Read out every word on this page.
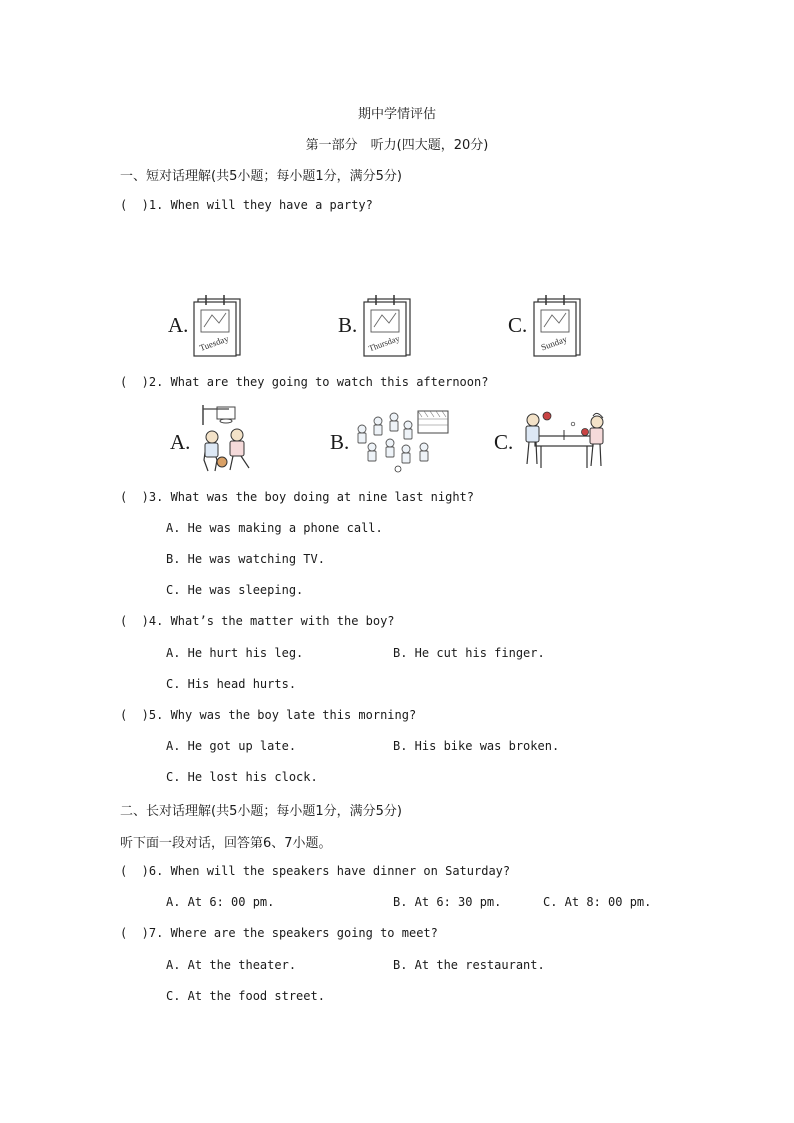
期中学情评估
第一部分　听力(四大题，20分)
一、短对话理解(共5小题；每小题1分，满分5分)
(  )1. When will they have a party?
A.
Tuesday
B.
Thursday
C.
Sunday
(  )2. What are they going to watch this afternoon?
A.	B.	C.
(  )3. What was the boy doing at nine last night?
A. He was making a phone call.
B. He was watching TV.
C. He was sleeping.
(  )4. What’s the matter with the boy?
A. He hurt his leg.	B. He cut his finger.
C. His head hurts.
(  )5. Why was the boy late this morning?
A. He got up late.	B. His bike was broken.
C. He lost his clock.
二、长对话理解(共5小题；每小题1分，满分5分)
听下面一段对话，回答第6、7小题。
(  )6. When will the speakers have dinner on Saturday?
A. At 6: 00 pm.	B. At 6: 30 pm.	C. At 8: 00 pm.
(  )7. Where are the speakers going to meet?
A. At the theater.	B. At the restaurant.
C. At the food street.
